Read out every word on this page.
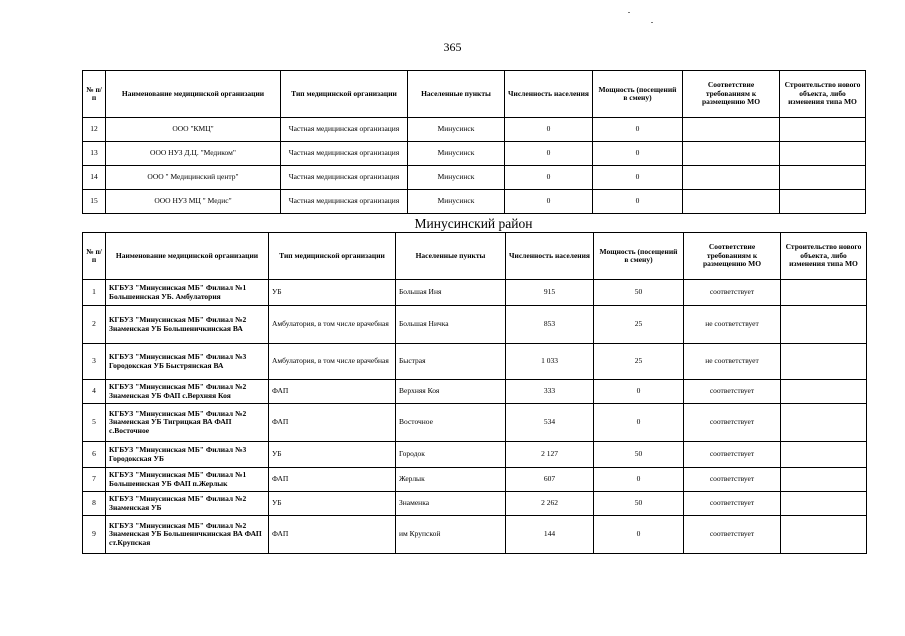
365
№ п/п	Наименование медицинской организации	Тип медицинской организации	Населенные пункты	Численность населения	Мощность (посещений в смену)	Соответствие требованиям к размещению МО	Строительство нового объекта, либо изменения типа МО
12	ООО "КМЦ"	Частная медицинская организация	Минусинск	0	0		
13	ООО НУЗ Д.Ц. "Медиком"	Частная медицинская организация	Минусинск	0	0		
14	ООО " Медицинский центр"	Частная медицинская организация	Минусинск	0	0		
15	ООО НУЗ МЦ " Медис"	Частная медицинская организация	Минусинск	0	0		
Минусинский район
№ п/п	Наименование медицинской организации	Тип медицинской организации	Населенные пункты	Численность населения	Мощность (посещений в смену)	Соответствие требованиям к размещению МО	Строительство нового объекта, либо изменения типа МО
1	КГБУЗ "Минусинская МБ" Филиал №1 Большеинская УБ. Амбулатория	УБ	Большая Иня	915	50	соответствует	
2	КГБУЗ "Минусинская МБ" Филиал №2 Знаменская УБ Большеничкинская ВА	Амбулатория, в том числе врачебная	Большая Ничка	853	25	не соответствует	
3	КГБУЗ "Минусинская МБ" Филиал №3 Городокская УБ Быстрянская ВА	Амбулатория, в том числе врачебная	Быстрая	1 033	25	не соответствует	
4	КГБУЗ "Минусинская МБ" Филиал №2 Знаменская УБ ФАП с.Верхняя Коя	ФАП	Верхняя Коя	333	0	соответствует	
5	КГБУЗ "Минусинская МБ" Филиал №2 Знаменская УБ Тигрицкая ВА ФАП с.Восточное	ФАП	Восточное	534	0	соответствует	
6	КГБУЗ "Минусинская МБ" Филиал №3 Городокская УБ	УБ	Городок	2 127	50	соответствует	
7	КГБУЗ "Минусинская МБ" Филиал №1 Большеинская УБ ФАП п.Жерлык	ФАП	Жерлык	607	0	соответствует	
8	КГБУЗ "Минусинская МБ" Филиал №2 Знаменская УБ	УБ	Знаменка	2 262	50	соответствует	
9	КГБУЗ "Минусинская МБ" Филиал №2 Знаменская УБ Большеничкинская ВА ФАП ст.Крупская	ФАП	им Крупской	144	0	соответствует	
